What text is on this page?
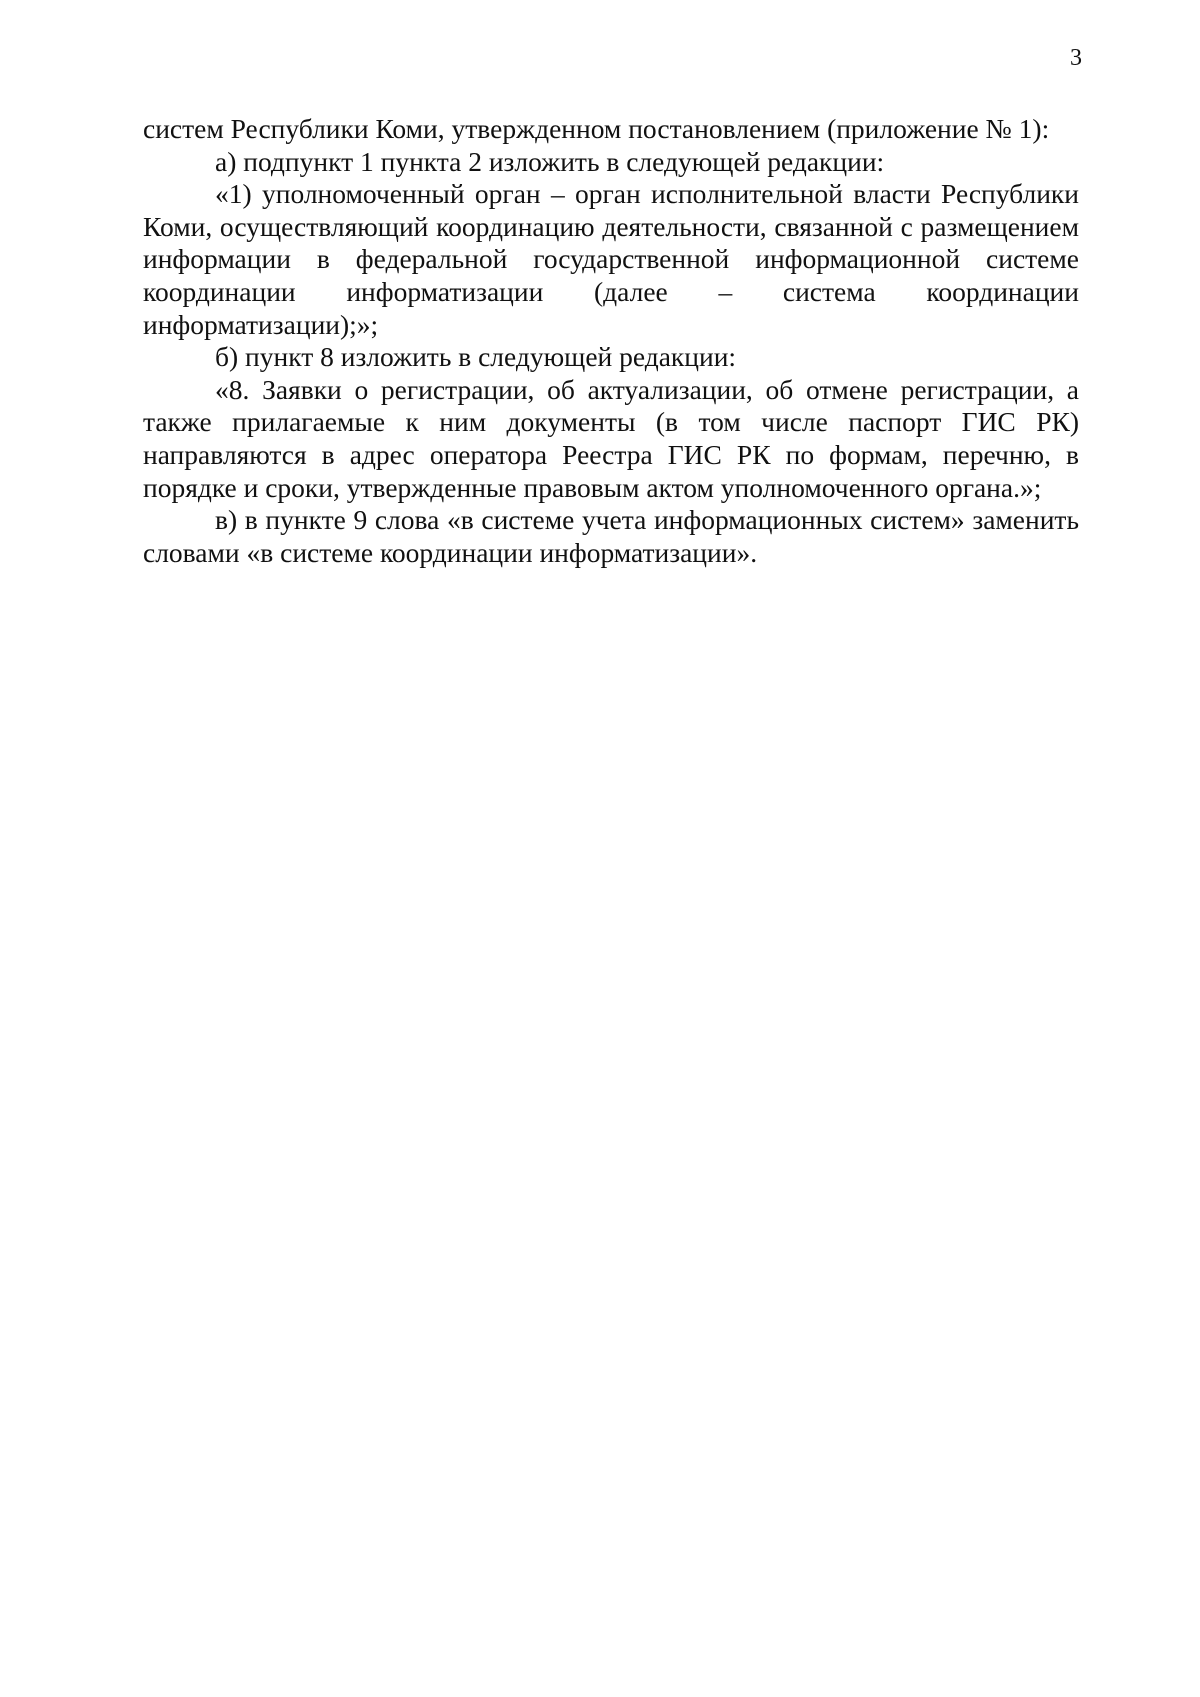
3

систем Республики Коми, утвержденном постановлением (приложение № 1):

а) подпункт 1 пункта 2 изложить в следующей редакции:

«1) уполномоченный орган – орган исполнительной власти Республики Коми, осуществляющий координацию деятельности, связанной с размещением информации в федеральной государственной информационной системе координации информатизации (далее – система координации информатизации);»;

б) пункт 8 изложить в следующей редакции:

«8. Заявки о регистрации, об актуализации, об отмене регистрации, а также прилагаемые к ним документы (в том числе паспорт ГИС РК) направляются в адрес оператора Реестра ГИС РК по формам, перечню, в порядке и сроки, утвержденные правовым актом уполномоченного органа.»;

в) в пункте 9 слова «в системе учета информационных систем» заменить словами «в системе координации информатизации».
